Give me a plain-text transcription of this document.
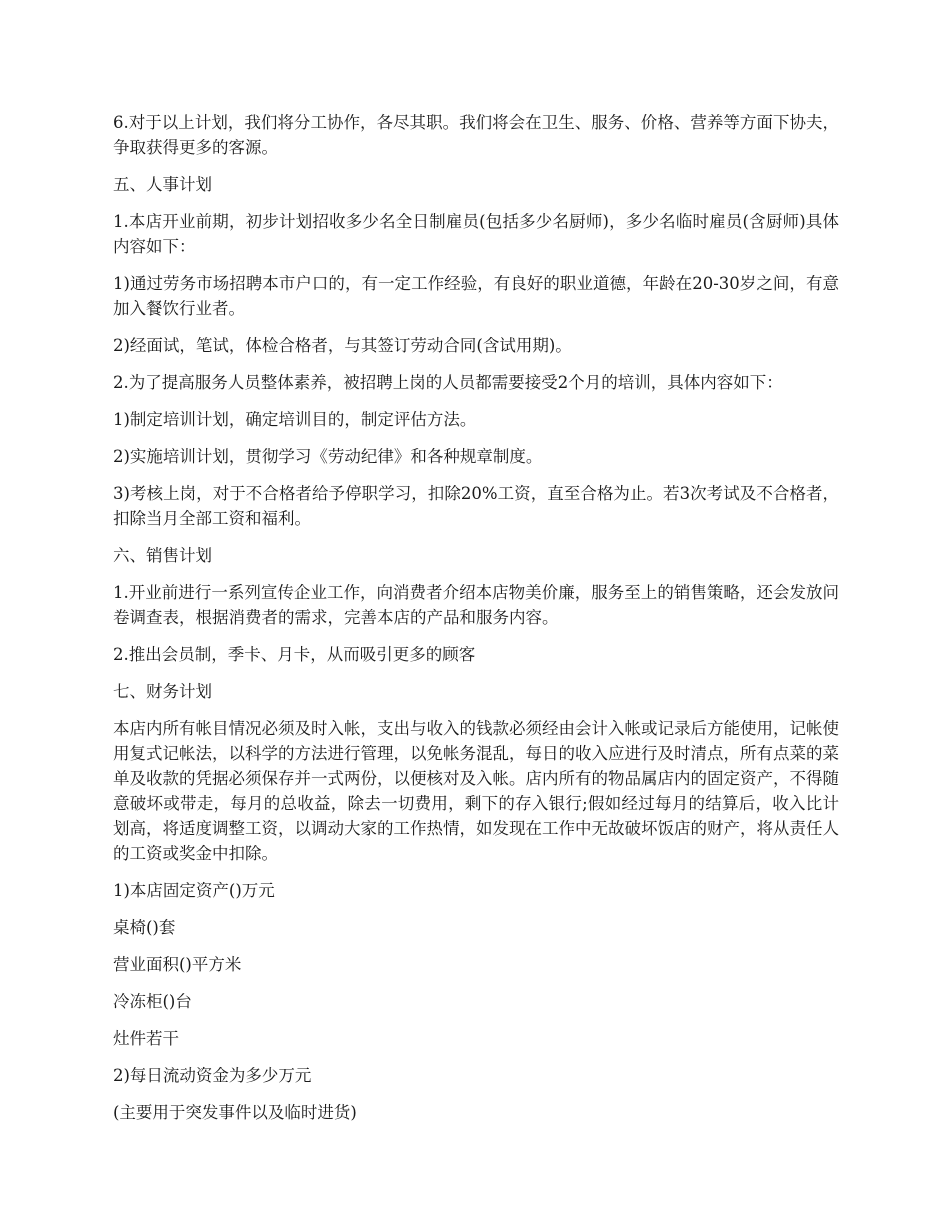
6.对于以上计划，我们将分工协作，各尽其职。我们将会在卫生、服务、价格、营养等方面下协夫，争取获得更多的客源。

五、人事计划

1.本店开业前期，初步计划招收多少名全日制雇员(包括多少名厨师)，多少名临时雇员(含厨师)具体内容如下：

1)通过劳务市场招聘本市户口的，有一定工作经验，有良好的职业道德，年龄在20-30岁之间，有意加入餐饮行业者。

2)经面试，笔试，体检合格者，与其签订劳动合同(含试用期)。

2.为了提高服务人员整体素养，被招聘上岗的人员都需要接受2个月的培训，具体内容如下：

1)制定培训计划，确定培训目的，制定评估方法。

2)实施培训计划，贯彻学习《劳动纪律》和各种规章制度。

3)考核上岗，对于不合格者给予停职学习，扣除20%工资，直至合格为止。若3次考试及不合格者，扣除当月全部工资和福利。

六、销售计划

1.开业前进行一系列宣传企业工作，向消费者介绍本店物美价廉，服务至上的销售策略，还会发放问卷调查表，根据消费者的需求，完善本店的产品和服务内容。

2.推出会员制，季卡、月卡，从而吸引更多的顾客

七、财务计划

本店内所有帐目情况必须及时入帐，支出与收入的钱款必须经由会计入帐或记录后方能使用，记帐使用复式记帐法，以科学的方法进行管理，以免帐务混乱，每日的收入应进行及时清点，所有点菜的菜单及收款的凭据必须保存并一式两份，以便核对及入帐。店内所有的物品属店内的固定资产，不得随意破坏或带走，每月的总收益，除去一切费用，剩下的存入银行;假如经过每月的结算后，收入比计划高，将适度调整工资，以调动大家的工作热情，如发现在工作中无故破坏饭店的财产，将从责任人的工资或奖金中扣除。

1)本店固定资产()万元

桌椅()套

营业面积()平方米

冷冻柜()台

灶件若干

2)每日流动资金为多少万元

(主要用于突发事件以及临时进货)
